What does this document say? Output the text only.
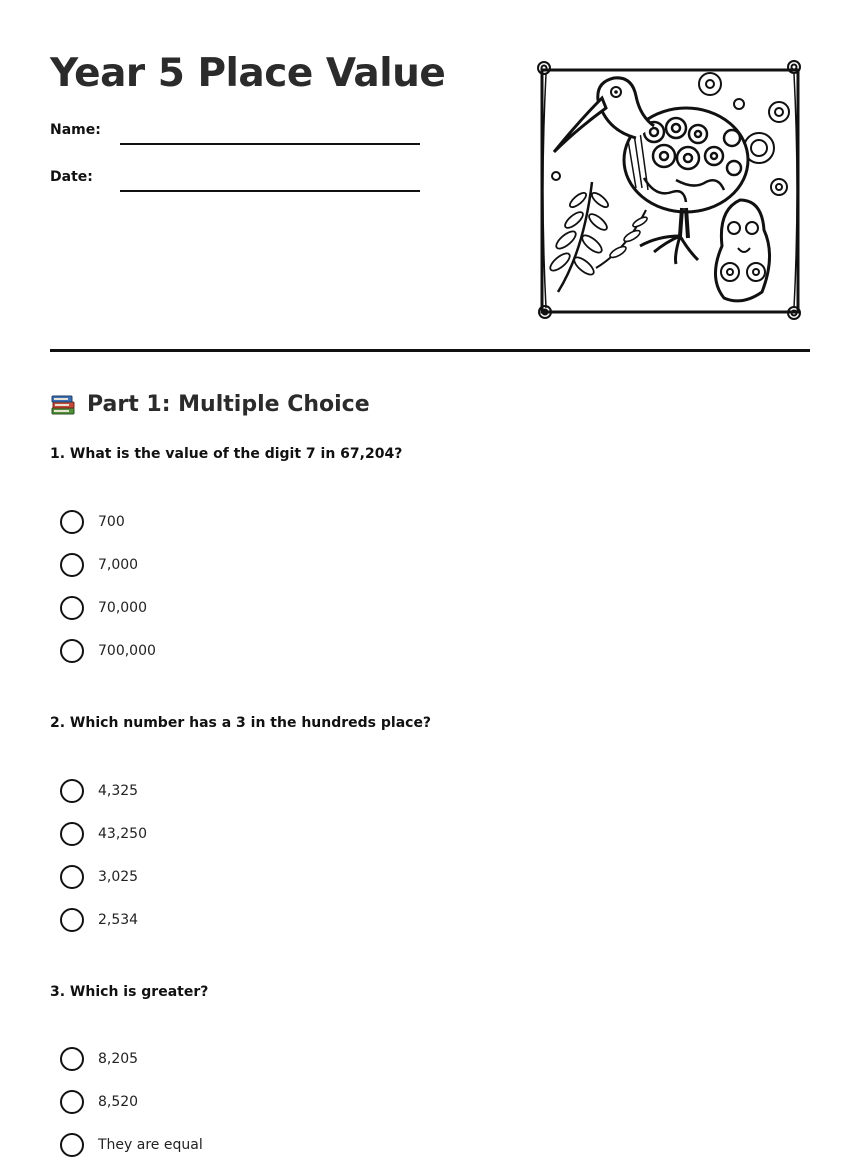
Year 5 Place Value
Name:
Date:
Part 1: Multiple Choice
1. What is the value of the digit 7 in 67,204?
700
7,000
70,000
700,000
2. Which number has a 3 in the hundreds place?
4,325
43,250
3,025
2,534
3. Which is greater?
8,205
8,520
They are equal
